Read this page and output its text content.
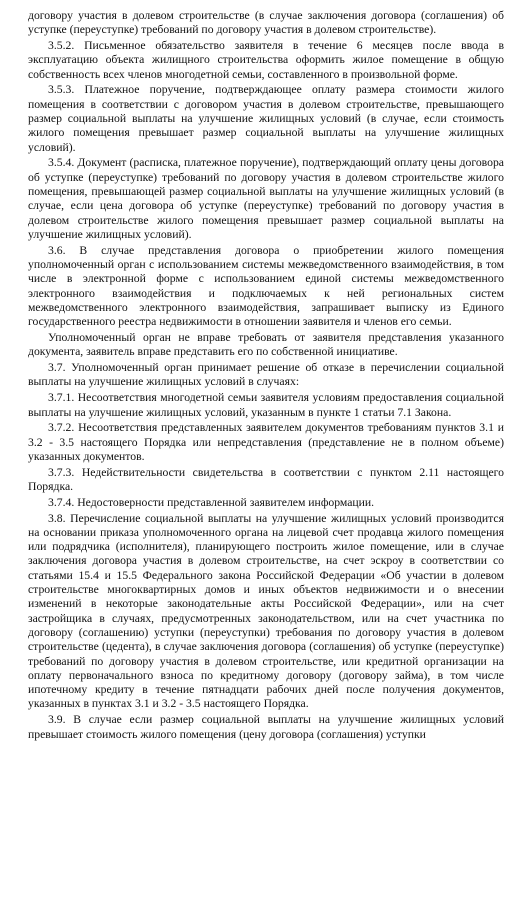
договору участия в долевом строительстве (в случае заключения договора (соглашения) об уступке (переуступке) требований по договору участия в долевом строительстве).

3.5.2. Письменное обязательство заявителя в течение 6 месяцев после ввода в эксплуатацию объекта жилищного строительства оформить жилое помещение в общую собственность всех членов многодетной семьи, составленного в произвольной форме.

3.5.3. Платежное поручение, подтверждающее оплату размера стоимости жилого помещения в соответствии с договором участия в долевом строительстве, превышающего размер социальной выплаты на улучшение жилищных условий (в случае, если стоимость жилого помещения превышает размер социальной выплаты на улучшение жилищных условий).

3.5.4. Документ (расписка, платежное поручение), подтверждающий оплату цены договора об уступке (переуступке) требований по договору участия в долевом строительстве жилого помещения, превышающей размер социальной выплаты на улучшение жилищных условий (в случае, если цена договора об уступке (переуступке) требований по договору участия в долевом строительстве жилого помещения превышает размер социальной выплаты на улучшение жилищных условий).

3.6. В случае представления договора о приобретении жилого помещения уполномоченный орган с использованием системы межведомственного взаимодействия, в том числе в электронной форме с использованием единой системы межведомственного электронного взаимодействия и подключаемых к ней региональных систем межведомственного электронного взаимодействия, запрашивает выписку из Единого государственного реестра недвижимости в отношении заявителя и членов его семьи.

Уполномоченный орган не вправе требовать от заявителя представления указанного документа, заявитель вправе представить его по собственной инициативе.

3.7. Уполномоченный орган принимает решение об отказе в перечислении социальной выплаты на улучшение жилищных условий в случаях:

3.7.1. Несоответствия многодетной семьи заявителя условиям предоставления социальной выплаты на улучшение жилищных условий, указанным в пункте 1 статьи 7.1 Закона.

3.7.2. Несоответствия представленных заявителем документов требованиям пунктов 3.1 и 3.2 - 3.5 настоящего Порядка или непредставления (представление не в полном объеме) указанных документов.

3.7.3. Недействительности свидетельства в соответствии с пунктом 2.11 настоящего Порядка.

3.7.4. Недостоверности представленной заявителем информации.

3.8. Перечисление социальной выплаты на улучшение жилищных условий производится на основании приказа уполномоченного органа на лицевой счет продавца жилого помещения или подрядчика (исполнителя), планирующего построить жилое помещение, или в случае заключения договора участия в долевом строительстве, на счет эскроу в соответствии со статьями 15.4 и 15.5 Федерального закона Российской Федерации «Об участии в долевом строительстве многоквартирных домов и иных объектов недвижимости и о внесении изменений в некоторые законодательные акты Российской Федерации», или на счет застройщика в случаях, предусмотренных законодательством, или на счет участника по договору (соглашению) уступки (переуступки) требования по договору участия в долевом строительстве (цедента), в случае заключения договора (соглашения) об уступке (переуступке) требований по договору участия в долевом строительстве, или кредитной организации на оплату первоначального взноса по кредитному договору (договору займа), в том числе ипотечному кредиту в течение пятнадцати рабочих дней после получения документов, указанных в пунктах 3.1 и 3.2 - 3.5 настоящего Порядка.

3.9. В случае если размер социальной выплаты на улучшение жилищных условий превышает стоимость жилого помещения (цену договора (соглашения) уступки
